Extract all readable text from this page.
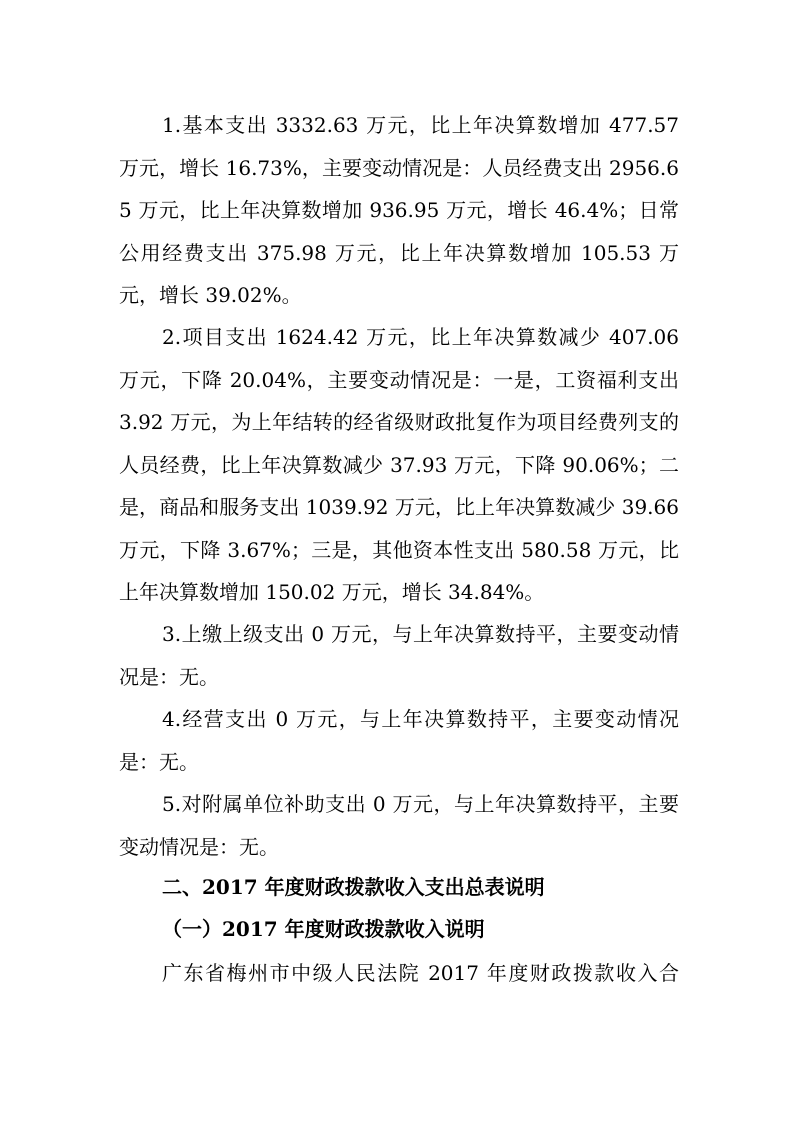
1.基本支出 3332.63 万元，比上年决算数增加 477.57 万元，增长 16.73%，主要变动情况是：人员经费支出 2956.65 万元，比上年决算数增加 936.95 万元，增长 46.4%；日常公用经费支出 375.98 万元，比上年决算数增加 105.53 万元，增长 39.02%。

2.项目支出 1624.42 万元，比上年决算数减少 407.06 万元，下降 20.04%，主要变动情况是：一是，工资福利支出 3.92 万元，为上年结转的经省级财政批复作为项目经费列支的人员经费，比上年决算数减少 37.93 万元，下降 90.06%；二是，商品和服务支出 1039.92 万元，比上年决算数减少 39.66 万元，下降 3.67%；三是，其他资本性支出 580.58 万元，比上年决算数增加 150.02 万元，增长 34.84%。

3.上缴上级支出 0 万元，与上年决算数持平，主要变动情况是：无。

4.经营支出 0 万元，与上年决算数持平，主要变动情况是：无。

5.对附属单位补助支出 0 万元，与上年决算数持平，主要变动情况是：无。

二、2017 年度财政拨款收入支出总表说明
（一）2017 年度财政拨款收入说明

广东省梅州市中级人民法院 2017 年度财政拨款收入合
